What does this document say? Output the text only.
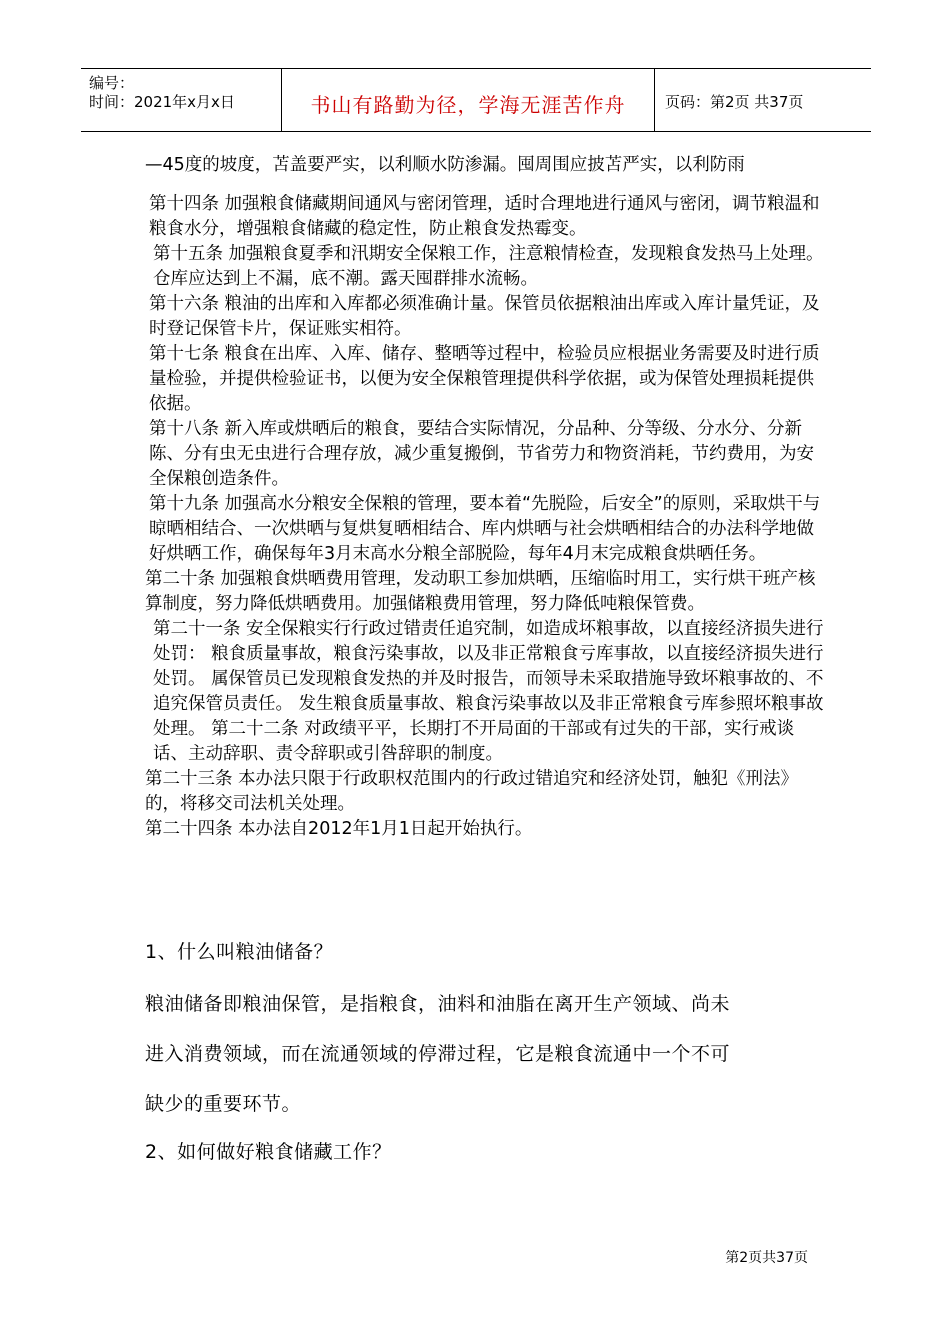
编号：
时间：2021年x月x日	书山有路勤为径，学海无涯苦作舟	页码：第2页 共37页

—45度的坡度，苫盖要严实，以利顺水防渗漏。囤周围应披苫严实，以利防雨

第十四条 加强粮食储藏期间通风与密闭管理，适时合理地进行通风与密闭，调节粮温和粮食水分，增强粮食储藏的稳定性，防止粮食发热霉变。

第十五条 加强粮食夏季和汛期安全保粮工作，注意粮情检查，发现粮食发热马上处理。仓库应达到上不漏，底不潮。露天囤群排水流畅。

第十六条 粮油的出库和入库都必须准确计量。保管员依据粮油出库或入库计量凭证，及时登记保管卡片，保证账实相符。

第十七条 粮食在出库、入库、储存、整晒等过程中，检验员应根据业务需要及时进行质量检验，并提供检验证书，以便为安全保粮管理提供科学依据，或为保管处理损耗提供依据。

第十八条 新入库或烘晒后的粮食，要结合实际情况，分品种、分等级、分水分、分新陈、分有虫无虫进行合理存放，减少重复搬倒，节省劳力和物资消耗，节约费用，为安全保粮创造条件。

第十九条 加强高水分粮安全保粮的管理，要本着“先脱险，后安全”的原则，采取烘干与晾晒相结合、一次烘晒与复烘复晒相结合、库内烘晒与社会烘晒相结合的办法科学地做好烘晒工作，确保每年3月末高水分粮全部脱险，每年4月末完成粮食烘晒任务。

第二十条 加强粮食烘晒费用管理，发动职工参加烘晒，压缩临时用工，实行烘干班产核算制度，努力降低烘晒费用。加强储粮费用管理，努力降低吨粮保管费。

第二十一条 安全保粮实行行政过错责任追究制，如造成坏粮事故，以直接经济损失进行处罚： 粮食质量事故，粮食污染事故，以及非正常粮食亏库事故，以直接经济损失进行处罚。 属保管员已发现粮食发热的并及时报告，而领导未采取措施导致坏粮事故的、不追究保管员责任。 发生粮食质量事故、粮食污染事故以及非正常粮食亏库参照坏粮事故处理。 第二十二条 对政绩平平，长期打不开局面的干部或有过失的干部，实行戒谈话、主动辞职、责令辞职或引咎辞职的制度。

第二十三条 本办法只限于行政职权范围内的行政过错追究和经济处罚，触犯《刑法》的，将移交司法机关处理。

第二十四条 本办法自2012年1月1日起开始执行。

1、什么叫粮油储备？
粮油储备即粮油保管，是指粮食，油料和油脂在离开生产领域、尚未
进入消费领域，而在流通领域的停滞过程，它是粮食流通中一个不可
缺少的重要环节。
2、如何做好粮食储藏工作？
第2页共37页
